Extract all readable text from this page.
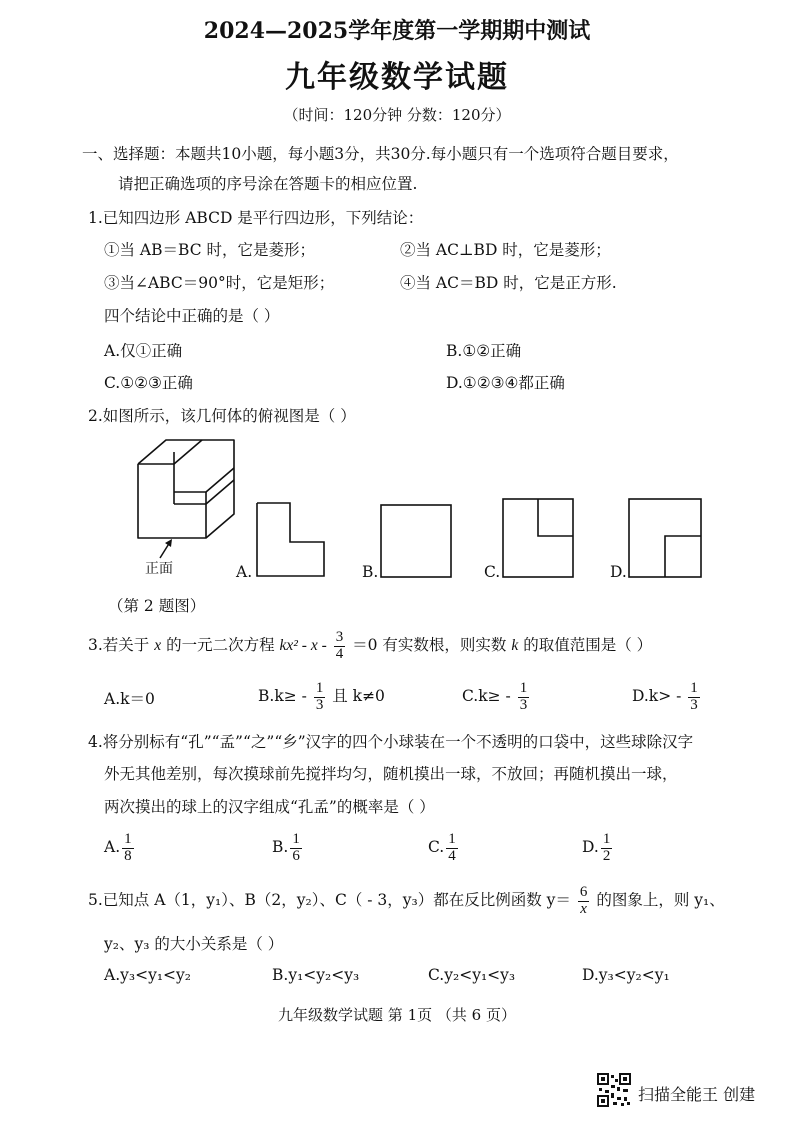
2024—2025学年度第一学期期中测试
九年级数学试题
（时间：120分钟 分数：120分）
一、选择题：本题共10小题，每小题3分，共30分.每小题只有一个选项符合题目要求，
请把正确选项的序号涂在答题卡的相应位置.
1.已知四边形 ABCD 是平行四边形，下列结论：
①当 AB＝BC 时，它是菱形；	②当 AC⊥BD 时，它是菱形；
③当∠ABC＝90°时，它是矩形；	④当 AC＝BD 时，它是正方形.
四个结论中正确的是（ ）
A.仅①正确	B.①②正确
C.①②③正确	D.①②③④都正确
2.如图所示，该几何体的俯视图是（ ）
正面	A.	B.	C.	D.
（第 2 题图）
3.若关于 x 的一元二次方程 $kx^2 - x - \frac{3}{4} =0$ 有实数根，则实数 k 的取值范围是（ ）
A.k＝0	$B.k\ge - \frac{1}{3}$ 且 k≠0	$C.k\ge - \frac{1}{3}$	$D.k> - \frac{1}{3}$
4.将分别标有“孔”“孟”“之”“乡”汉字的四个小球装在一个不透明的口袋中，这些球除汉字
外无其他差别，每次摸球前先搅拌均匀，随机摸出一球，不放回；再随机摸出一球，
两次摸出的球上的汉字组成“孔孟”的概率是（ ）
A. $\frac{1}{8}$	B. $\frac{1}{6}$	C. $\frac{1}{4}$	D. $\frac{1}{2}$
5.已知点 A（1，y₁）、B（2，y₂）、C（ - 3，y₃）都在反比例函数 $y= \frac{6}{x}$ 的图象上，则 y₁、
y₂、y₃ 的大小关系是（ ）
A.y₃<y₁<y₂	B.y₁<y₂<y₃	C.y₂<y₁<y₃	D.y₃<y₂<y₁
九年级数学试题 第 1页 （共 6 页）
扫描全能王 创建
